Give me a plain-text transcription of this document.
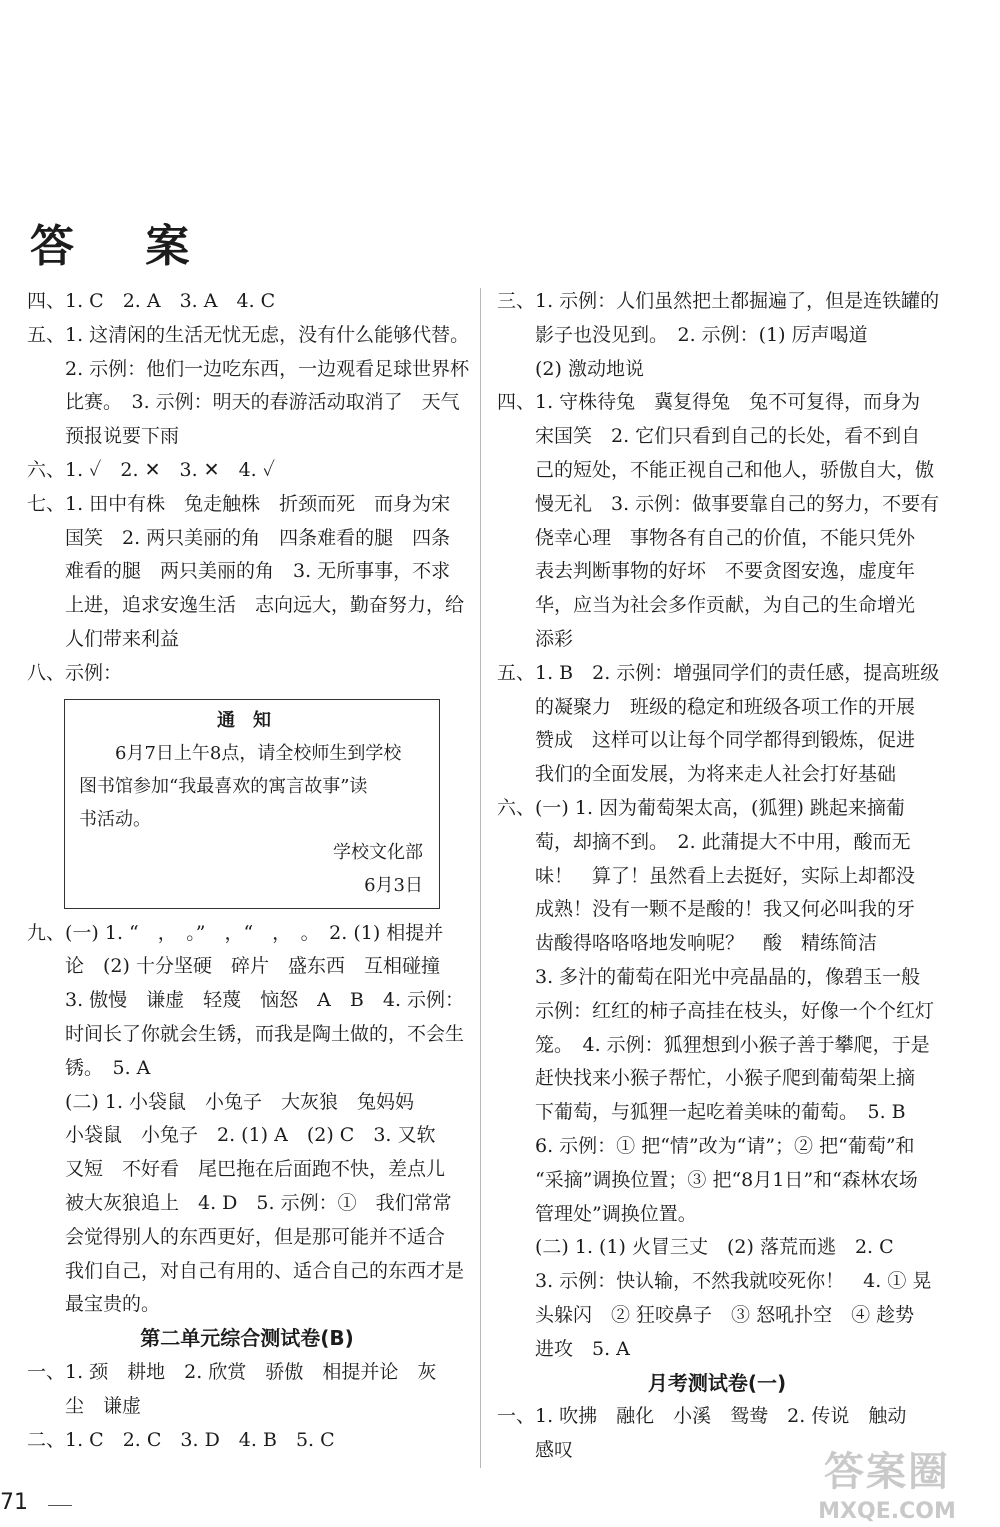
答 案
四、1. C　2. A　3. A　4. C
五、1. 这清闲的生活无忧无虑，没有什么能够代替。
　　2. 示例：他们一边吃东西，一边观看足球世界杯
　　比赛。　3. 示例：明天的春游活动取消了　天气
　　预报说要下雨
六、1. ✓　2. ✕　3. ✕　4. ✓
七、1. 田中有株　兔走触株　折颈而死　而身为宋
　　国笑　2. 两只美丽的角　四条难看的腿　四条
　　难看的腿　两只美丽的角　3. 无所事事，不求
　　上进，追求安逸生活　志向远大，勤奋努力，给
　　人们带来利益
八、示例：
通知
6月7日上午8点，请全校师生到学校
图书馆参加“我最喜欢的寓言故事”读
书活动。
学校文化部
6月3日
九、(一) 1. “　，　。”　，“　，　。　2. (1) 相提并
　　论　(2) 十分坚硬　碎片　盛东西　互相碰撞
　　3. 傲慢　谦虚　轻蔑　恼怒　A　B　4. 示例：
　　时间长了你就会生锈，而我是陶土做的，不会生
　　锈。　5. A
　　(二) 1. 小袋鼠　小兔子　大灰狼　兔妈妈
　　小袋鼠　小兔子　2. (1) A　(2) C　3. 又软
　　又短　不好看　尾巴拖在后面跑不快，差点儿
　　被大灰狼追上　4. D　5. 示例：①　我们常常
　　会觉得别人的东西更好，但是那可能并不适合
　　我们自己，对自己有用的、适合自己的东西才是
　　最宝贵的。
第二单元综合测试卷(B)
一、1. 颈　耕地　2. 欣赏　骄傲　相提并论　灰
　　尘　谦虚
二、1. C　2. C　3. D　4. B　5. C
三、1. 示例：人们虽然把土都掘遍了，但是连铁罐的
　　影子也没见到。　2. 示例：(1) 厉声喝道
　　(2) 激动地说
四、1. 守株待兔　冀复得兔　兔不可复得，而身为
　　宋国笑　2. 它们只看到自己的长处，看不到自
　　己的短处，不能正视自己和他人，骄傲自大，傲
　　慢无礼　3. 示例：做事要靠自己的努力，不要有
　　侥幸心理　事物各有自己的价值，不能只凭外
　　表去判断事物的好坏　不要贪图安逸，虚度年
　　华，应当为社会多作贡献，为自己的生命增光
　　添彩
五、1. B　2. 示例：增强同学们的责任感，提高班级
　　的凝聚力　班级的稳定和班级各项工作的开展
　　赞成　这样可以让每个同学都得到锻炼，促进
　　我们的全面发展，为将来走人社会打好基础
六、(一) 1. 因为葡萄架太高，(狐狸) 跳起来摘葡
　　萄，却摘不到。　2. 此蒲提大不中用，酸而无
　　味！　算了！虽然看上去挺好，实际上却都没
　　成熟！没有一颗不是酸的！我又何必叫我的牙
　　齿酸得咯咯咯地发响呢？　酸　精练简洁
　　3. 多汁的葡萄在阳光中亮晶晶的，像碧玉一般
　　示例：红红的柿子高挂在枝头，好像一个个红灯
　　笼。　4. 示例：狐狸想到小猴子善于攀爬，于是
　　赶快找来小猴子帮忙，小猴子爬到葡萄架上摘
　　下葡萄，与狐狸一起吃着美味的葡萄。　5. B
　　6. 示例：① 把“情”改为“请”；② 把“葡萄”和
　　“采摘”调换位置；③ 把“8月1日”和“森林农场
　　管理处”调换位置。
　　(二) 1. (1) 火冒三丈　(2) 落荒而逃　2. C
　　3. 示例：快认输，不然我就咬死你！　4. ① 晃
　　头躲闪　② 狂咬鼻子　③ 怒吼扑空　④ 趁势
　　进攻　5. A
月考测试卷(一)
一、1. 吹拂　融化　小溪　鸳鸯　2. 传说　触动
　　感叹
71
答案圈
MXQE.COM
